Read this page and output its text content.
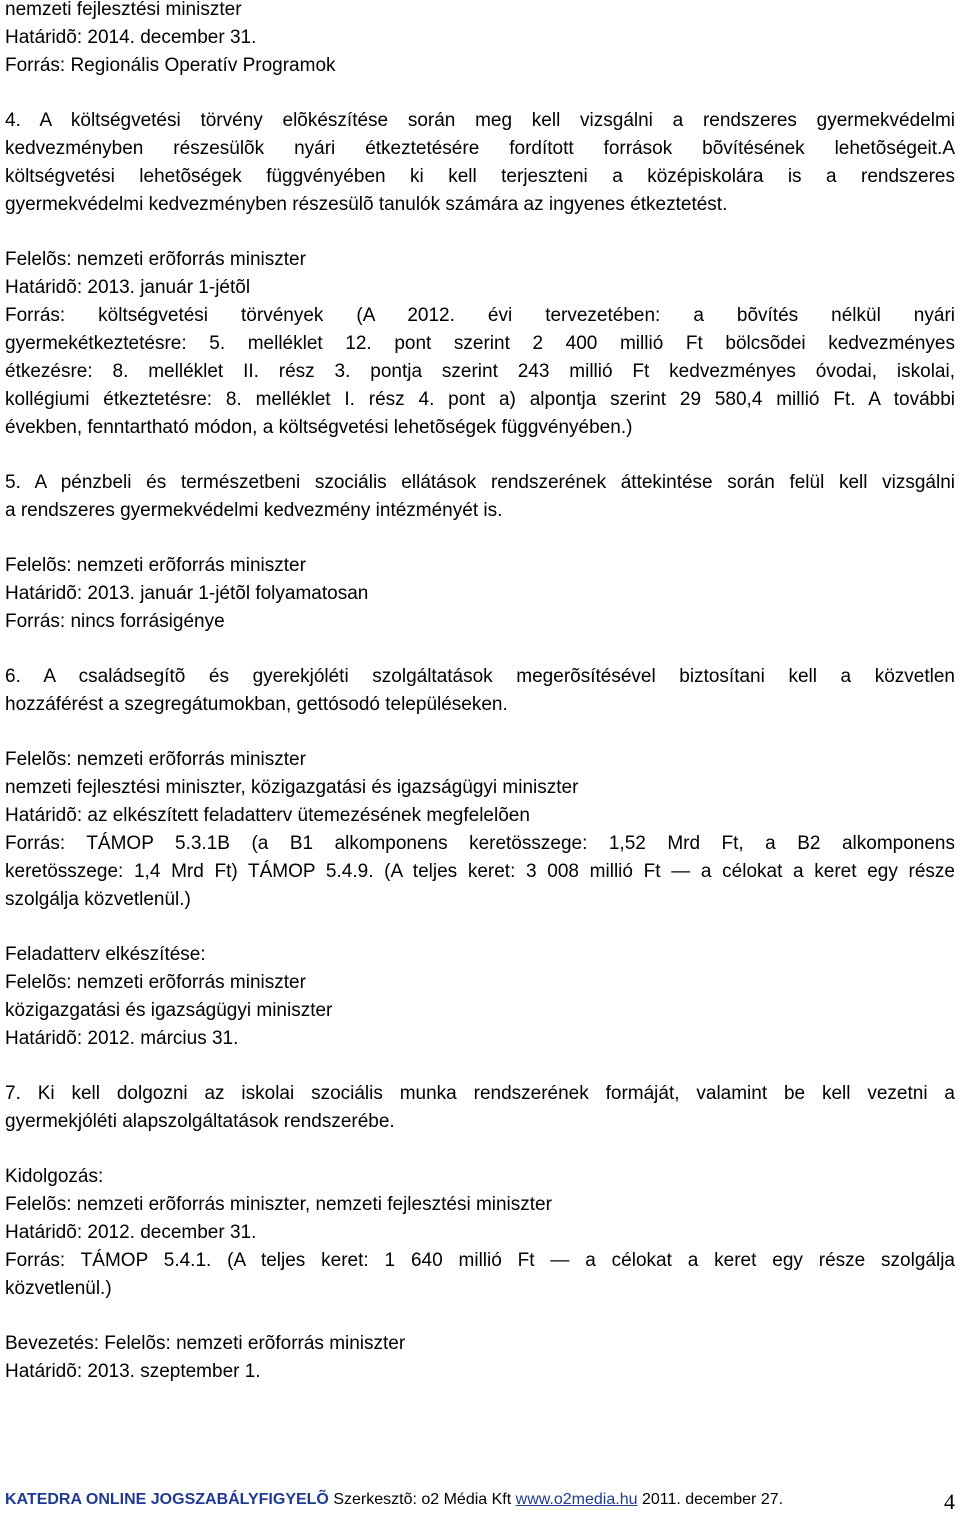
nemzeti fejlesztési miniszter
Határidõ: 2014. december 31.
Forrás: Regionális Operatív Programok
4. A költségvetési törvény elõkészítése során meg kell vizsgálni a rendszeres gyermekvédelmi
kedvezményben részesülõk nyári étkeztetésére fordított források bõvítésének lehetõségeit.A
költségvetési lehetõségek függvényében ki kell terjeszteni a középiskolára is a rendszeres
gyermekvédelmi kedvezményben részesülõ tanulók számára az ingyenes étkeztetést.
Felelõs: nemzeti erõforrás miniszter
Határidõ: 2013. január 1-jétõl
Forrás: költségvetési törvények (A 2012. évi tervezetében: a bõvítés nélkül nyári
gyermekétkeztetésre: 5. melléklet 12. pont szerint 2 400 millió Ft bölcsõdei kedvezményes
étkezésre: 8. melléklet II. rész 3. pontja szerint 243 millió Ft kedvezményes óvodai, iskolai,
kollégiumi étkeztetésre: 8. melléklet I. rész 4. pont a) alpontja szerint 29 580,4 millió Ft. A további
években, fenntartható módon, a költségvetési lehetõségek függvényében.)
5. A pénzbeli és természetbeni szociális ellátások rendszerének áttekintése során felül kell vizsgálni
a rendszeres gyermekvédelmi kedvezmény intézményét is.
Felelõs: nemzeti erõforrás miniszter
Határidõ: 2013. január 1-jétõl folyamatosan
Forrás: nincs forrásigénye
6. A családsegítõ és gyerekjóléti szolgáltatások megerõsítésével biztosítani kell a közvetlen
hozzáférést a szegregátumokban, gettósodó településeken.
Felelõs: nemzeti erõforrás miniszter
nemzeti fejlesztési miniszter, közigazgatási és igazságügyi miniszter
Határidõ: az elkészített feladatterv ütemezésének megfelelõen
Forrás: TÁMOP 5.3.1B (a B1 alkomponens keretösszege: 1,52 Mrd Ft, a B2 alkomponens
keretösszege: 1,4 Mrd Ft) TÁMOP 5.4.9. (A teljes keret: 3 008 millió Ft — a célokat a keret egy része
szolgálja közvetlenül.)
Feladatterv elkészítése:
Felelõs: nemzeti erõforrás miniszter
közigazgatási és igazságügyi miniszter
Határidõ: 2012. március 31.
7. Ki kell dolgozni az iskolai szociális munka rendszerének formáját, valamint be kell vezetni a
gyermekjóléti alapszolgáltatások rendszerébe.
Kidolgozás:
Felelõs: nemzeti erõforrás miniszter, nemzeti fejlesztési miniszter
Határidõ: 2012. december 31.
Forrás: TÁMOP 5.4.1. (A teljes keret: 1 640 millió Ft — a célokat a keret egy része szolgálja
közvetlenül.)
Bevezetés: Felelõs: nemzeti erõforrás miniszter
Határidõ: 2013. szeptember 1.
KATEDRA ONLINE JOGSZABÁLYFIGYELÕ Szerkesztõ: o2 Média Kft www.o2media.hu 2011. december 27.	4
